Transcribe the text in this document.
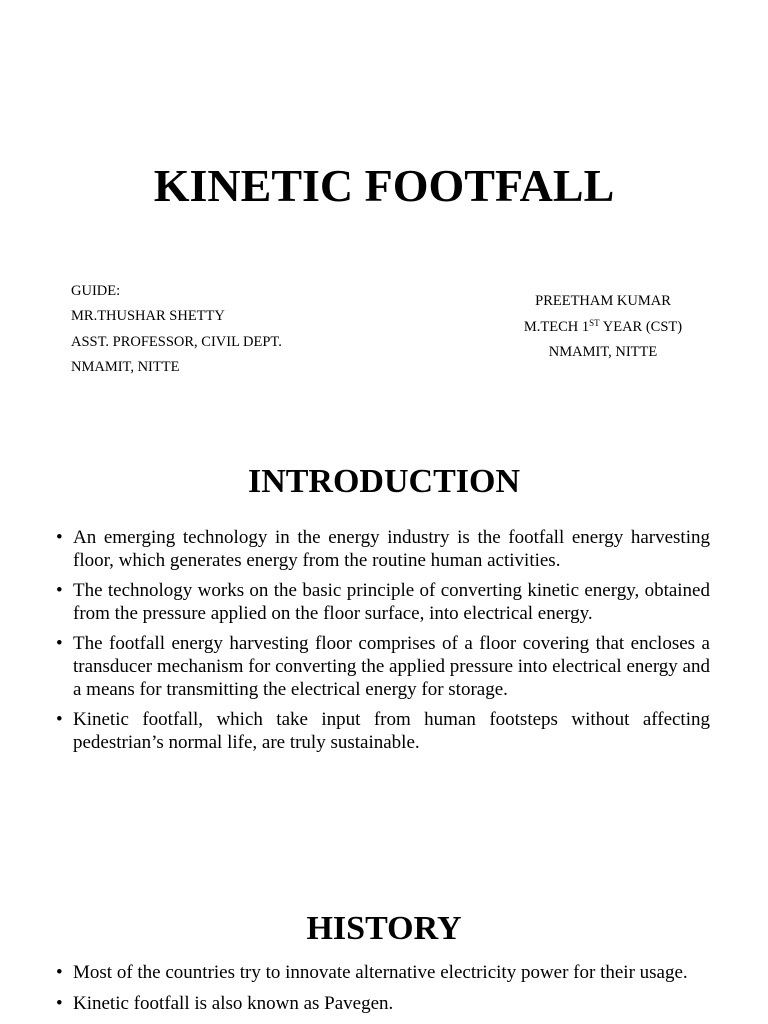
KINETIC FOOTFALL
GUIDE:
MR.THUSHAR SHETTY
ASST. PROFESSOR, CIVIL DEPT.
NMAMIT, NITTE
PREETHAM KUMAR
M.TECH 1ST YEAR (CST)
NMAMIT, NITTE
INTRODUCTION
• An emerging technology in the energy industry is the footfall energy harvesting floor, which generates energy from the routine human activities.
• The technology works on the basic principle of converting kinetic energy, obtained from the pressure applied on the floor surface, into electrical energy.
• The footfall energy harvesting floor comprises of a floor covering that encloses a transducer mechanism for converting the applied pressure into electrical energy and a means for transmitting the electrical energy for storage.
• Kinetic footfall, which take input from human footsteps without affecting pedestrian’s normal life, are truly sustainable.
HISTORY
• Most of the countries try to innovate alternative electricity power for their usage.
• Kinetic footfall is also known as Pavegen.
